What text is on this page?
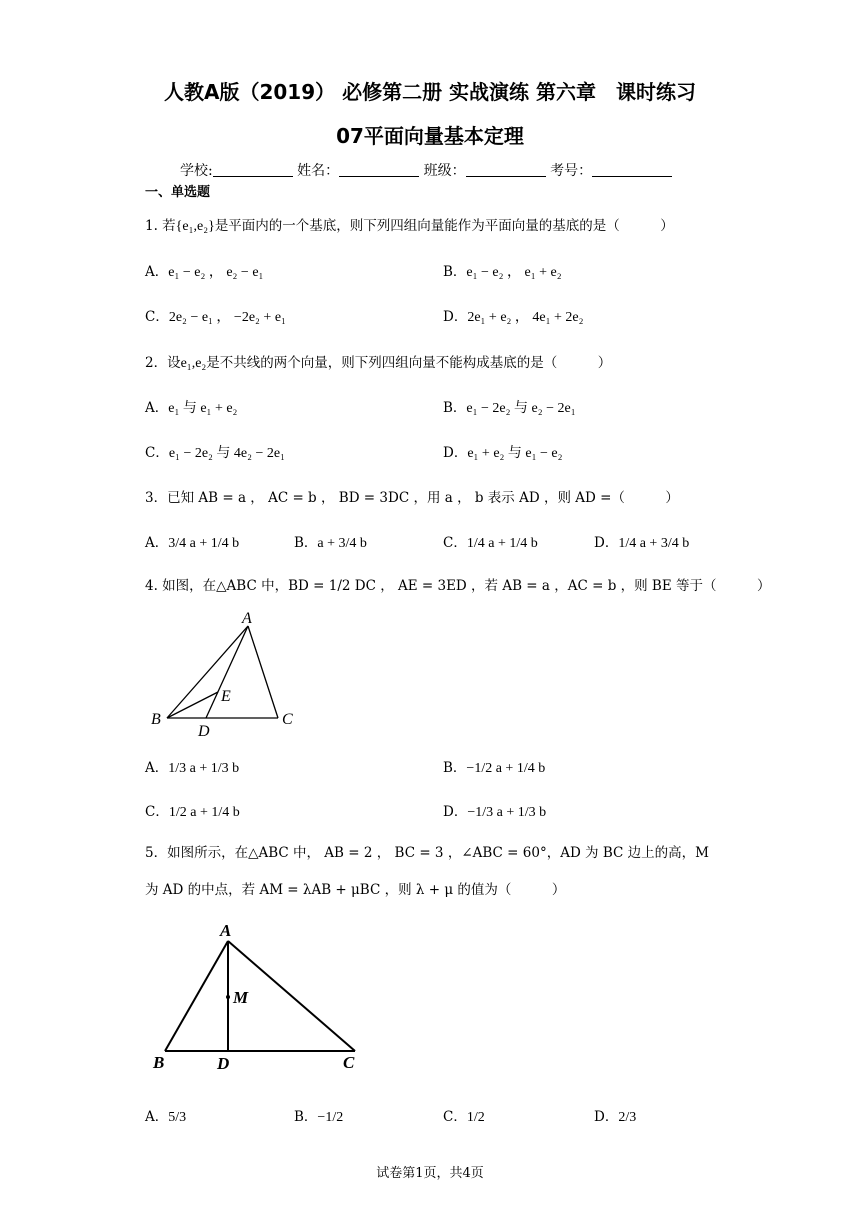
人教A版（2019） 必修第二册 实战演练 第六章　课时练习
07平面向量基本定理
学校:	姓名：	班级：	考号：
一、单选题
1. 若{e₁,e₂}是平面内的一个基底，则下列四组向量能作为平面向量的基底的是（　　　）
A．e₁ − e₂ ， e₂ − e₁	B．e₁ − e₂ ， e₁ + e₂
C．2e₂ − e₁ ， −2e₂ + e₁	D．2e₁ + e₂ ， 4e₁ + 2e₂
2．设e₁,e₂是不共线的两个向量，则下列四组向量不能构成基底的是（　　　）
A．e₁ 与 e₁ + e₂	B．e₁ − 2e₂ 与 e₂ − 2e₁
C．e₁ − 2e₂ 与 4e₂ − 2e₁	D．e₁ + e₂ 与 e₁ − e₂
3．已知 AB = a ， AC = b ， BD = 3DC ，用 a ， b 表示 AD ，则 AD =（　　　）
A．3/4 a + 1/4 b	B．a + 3/4 b	C．1/4 a + 1/4 b	D．1/4 a + 3/4 b
4. 如图，在△ABC 中，BD = 1/2 DC ， AE = 3ED ，若 AB = a ，AC = b ，则 BE 等于（　　　）
A
B	C
D
E
A．1/3 a + 1/3 b	B．−1/2 a + 1/4 b
C．1/2 a + 1/4 b	D．−1/3 a + 1/3 b
5．如图所示，在△ABC 中， AB = 2 ， BC = 3 ，∠ABC = 60°，AD 为 BC 边上的高，M
为 AD 的中点，若 AM = λAB + μBC ，则 λ + μ 的值为（　　　）
A
B	C
D
M
A．5/3	B．−1/2	C．1/2	D．2/3
试卷第1页，共4页
